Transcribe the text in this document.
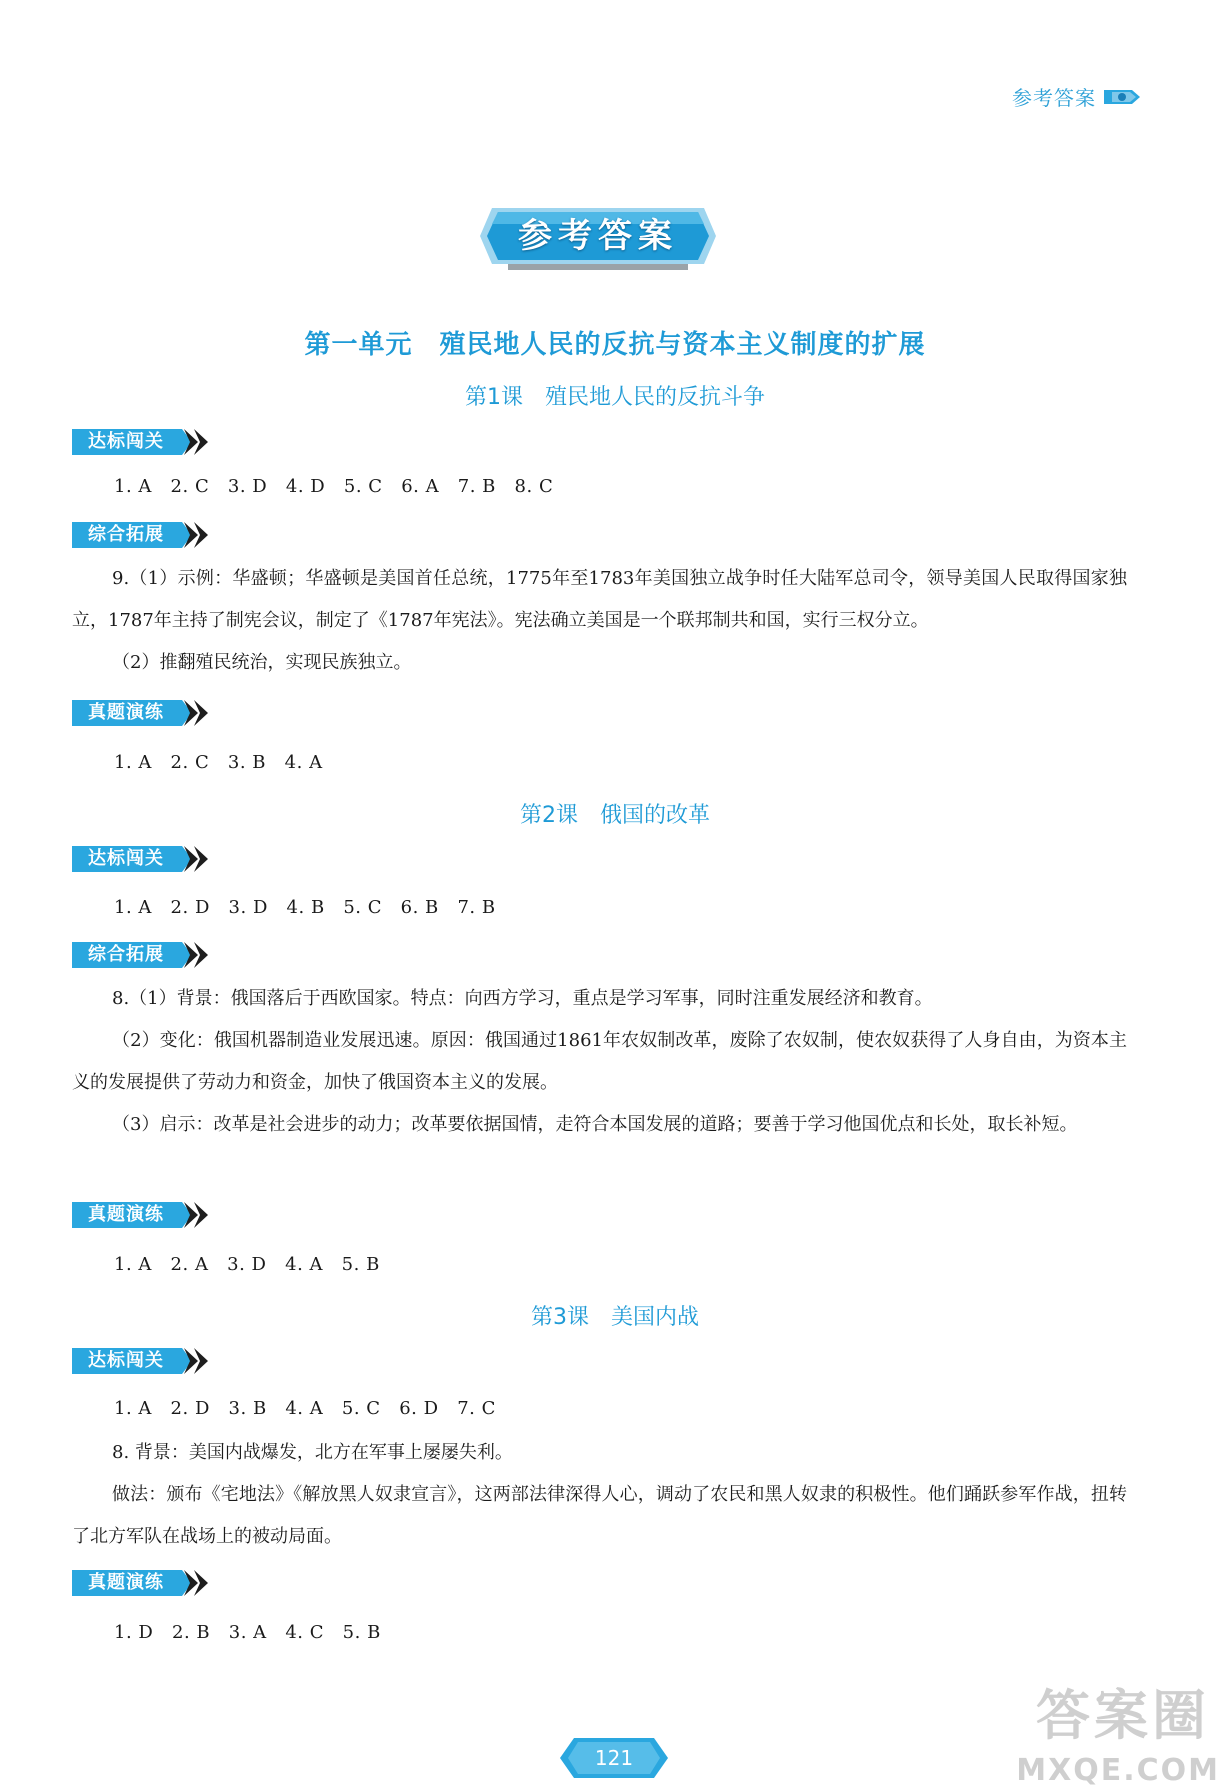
参考答案
参考答案
第一单元　殖民地人民的反抗与资本主义制度的扩展
第1课　殖民地人民的反抗斗争
达标闯关
1. A   2. C   3. D   4. D   5. C   6. A   7. B   8. C
综合拓展
9.（1）示例：华盛顿；华盛顿是美国首任总统，1775年至1783年美国独立战争时任大陆军总司令，领导美国人民取得国家独立，1787年主持了制宪会议，制定了《1787年宪法》。宪法确立美国是一个联邦制共和国，实行三权分立。
（2）推翻殖民统治，实现民族独立。
真题演练
1. A   2. C   3. B   4. A
第2课　俄国的改革
达标闯关
1. A   2. D   3. D   4. B   5. C   6. B   7. B
综合拓展
8.（1）背景：俄国落后于西欧国家。特点：向西方学习，重点是学习军事，同时注重发展经济和教育。
（2）变化：俄国机器制造业发展迅速。原因：俄国通过1861年农奴制改革，废除了农奴制，使农奴获得了人身自由，为资本主义的发展提供了劳动力和资金，加快了俄国资本主义的发展。
（3）启示：改革是社会进步的动力；改革要依据国情，走符合本国发展的道路；要善于学习他国优点和长处，取长补短。
真题演练
1. A   2. A   3. D   4. A   5. B
第3课　美国内战
达标闯关
1. A   2. D   3. B   4. A   5. C   6. D   7. C
8. 背景：美国内战爆发，北方在军事上屡屡失利。
做法：颁布《宅地法》《解放黑人奴隶宣言》，这两部法律深得人心，调动了农民和黑人奴隶的积极性。他们踊跃参军作战，扭转了北方军队在战场上的被动局面。
真题演练
1. D   2. B   3. A   4. C   5. B
121
答案圈
MXQE.COM
